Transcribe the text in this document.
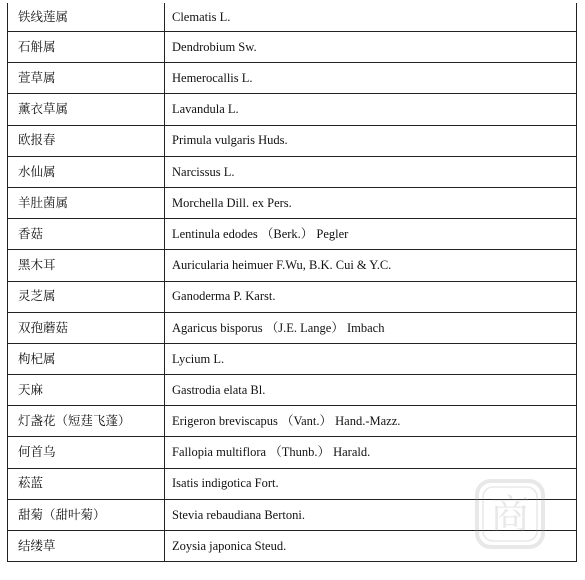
铁线莲属	Clematis L.
石斛属	Dendrobium Sw.
萱草属	Hemerocallis L.
薰衣草属	Lavandula L.
欧报春	Primula vulgaris Huds.
水仙属	Narcissus L.
羊肚菌属	Morchella Dill. ex Pers.
香菇	Lentinula edodes （Berk.） Pegler
黑木耳	Auricularia heimuer F.Wu, B.K. Cui & Y.C.
灵芝属	Ganoderma P. Karst.
双孢蘑菇	Agaricus bisporus （J.E. Lange） Imbach
枸杞属	Lycium L.
天麻	Gastrodia elata Bl.
灯盏花（短莛飞蓬）	Erigeron breviscapus （Vant.） Hand.-Mazz.
何首乌	Fallopia multiflora （Thunb.） Harald.
菘蓝	Isatis indigotica Fort.
甜菊（甜叶菊）	Stevia rebaudiana Bertoni.
结缕草	Zoysia japonica Steud.
商
